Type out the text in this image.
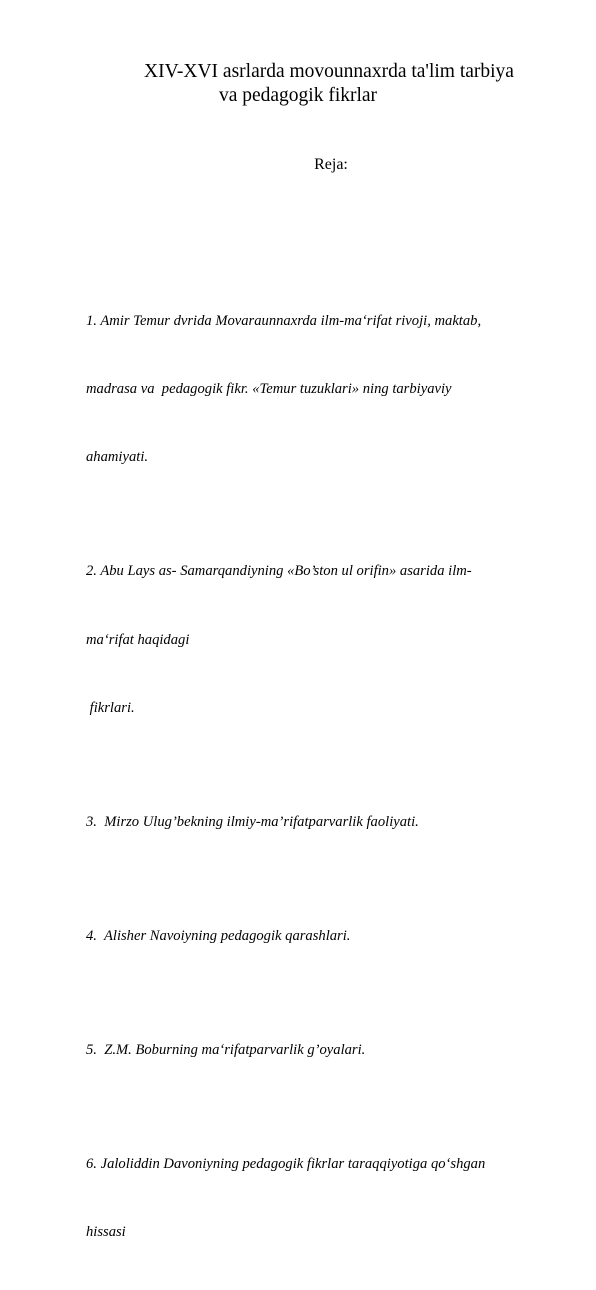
XIV-XVI asrlarda movounnaxrda ta'lim tarbiya
va pedagogik fikrlar
Reja:

1. Amir Temur dvrida Movaraunnaxrda ilm-ma‘rifat rivoji, maktab,

madrasa va  pedagogik fikr. «Temur tuzuklari» ning tarbiyaviy

ahamiyati.

2. Abu Lays as- Samarqandiyning «Bo’ston ul orifin» asarida ilm-

ma‘rifat haqidagi

fikrlari.

3.  Mirzo Ulug’bekning ilmiy-ma’rifatparvarlik faoliyati.

4.  Alisher Navoiyning pedagogik qarashlari.

5.  Z.M. Boburning ma‘rifatparvarlik g’oyalari.

6. Jaloliddin Davoniyning pedagogik fikrlar taraqqiyotiga qo‘shgan

hissasi
